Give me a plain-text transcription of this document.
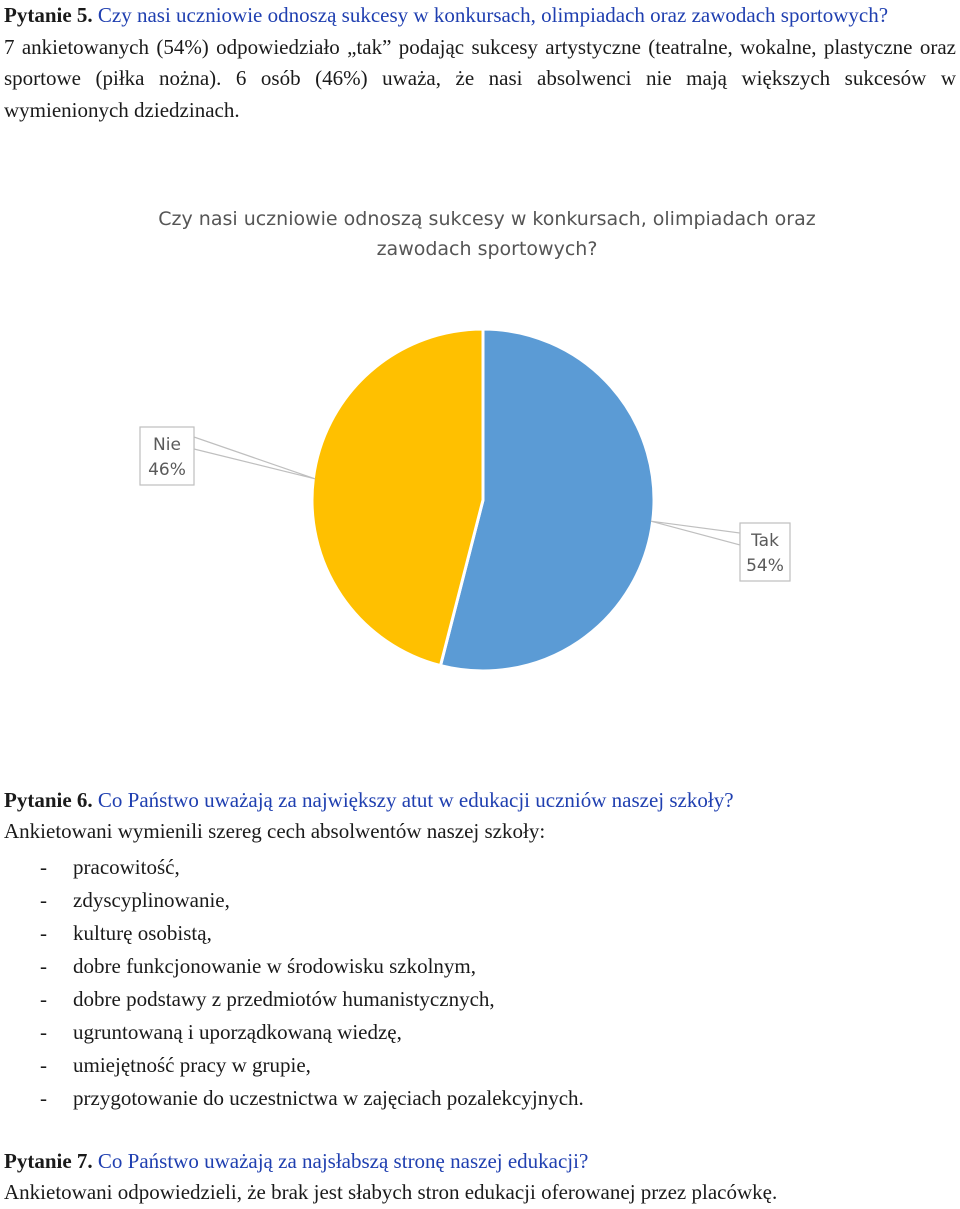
Pytanie 5. Czy nasi uczniowie odnoszą sukcesy w konkursach, olimpiadach oraz zawodach sportowych?
7 ankietowanych (54%) odpowiedziało „tak” podając sukcesy artystyczne (teatralne, wokalne, plastyczne oraz sportowe (piłka nożna). 6 osób (46%) uważa, że nasi absolwenci nie mają większych sukcesów w wymienionych dziedzinach.
Czy nasi uczniowie odnoszą sukcesy w konkursach, olimpiadach oraz
zawodach sportowych?
Tak
54%
Nie
46%
Pytanie 6. Co Państwo uważają za największy atut w edukacji uczniów naszej szkoły?
Ankietowani wymienili szereg cech absolwentów naszej szkoły:
- pracowitość,
- zdyscyplinowanie,
- kulturę osobistą,
- dobre funkcjonowanie w środowisku szkolnym,
- dobre podstawy z przedmiotów humanistycznych,
- ugruntowaną i uporządkowaną wiedzę,
- umiejętność pracy w grupie,
- przygotowanie do uczestnictwa w zajęciach pozalekcyjnych.
Pytanie 7. Co Państwo uważają za najsłabszą stronę naszej edukacji?
Ankietowani odpowiedzieli, że brak jest słabych stron edukacji oferowanej przez placówkę.
